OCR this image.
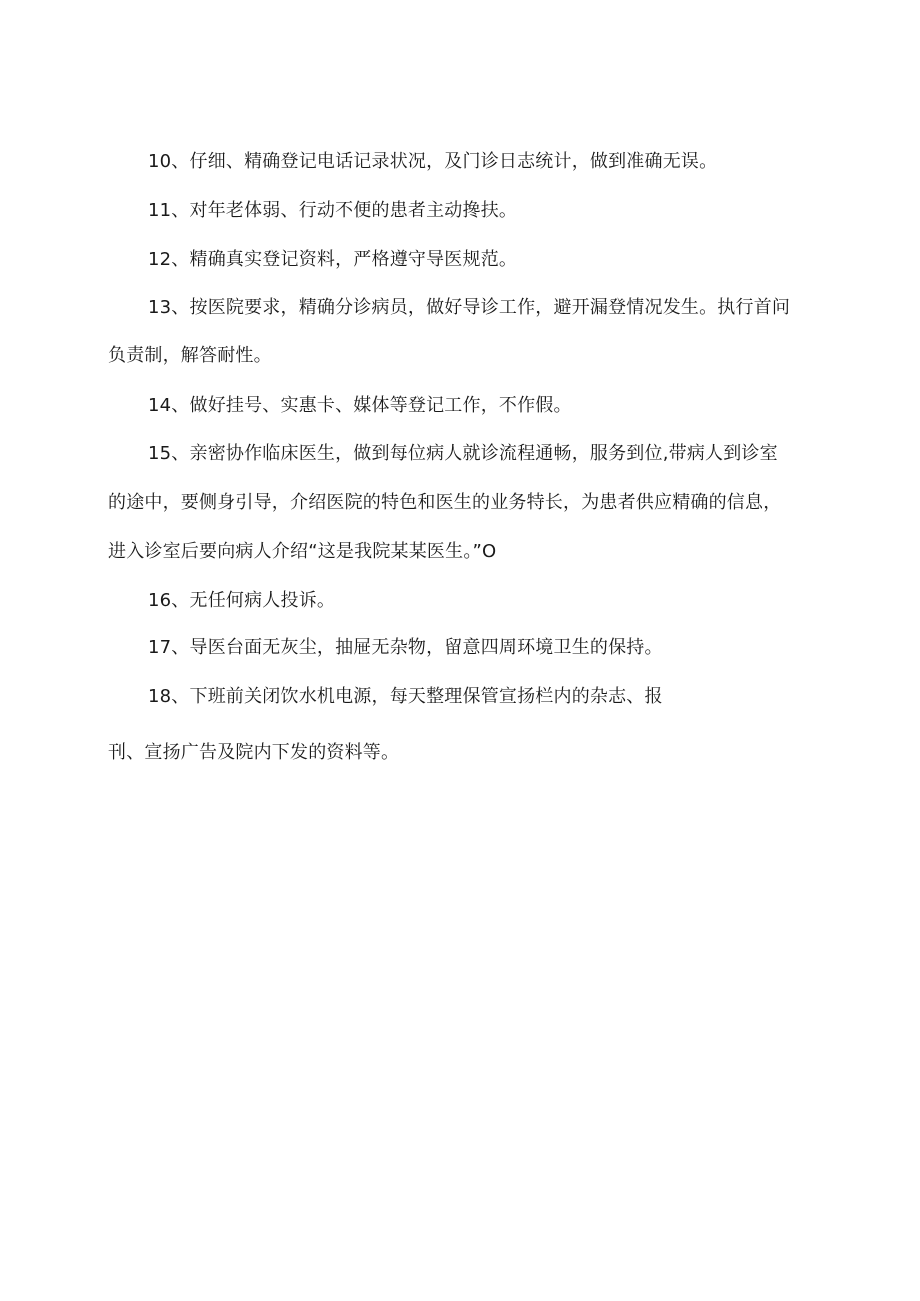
10、仔细、精确登记电话记录状况，及门诊日志统计，做到准确无误。
11、对年老体弱、行动不便的患者主动搀扶。
12、精确真实登记资料，严格遵守导医规范。
13、按医院要求，精确分诊病员，做好导诊工作，避开漏登情况发生。执行首问
负责制，解答耐性。
14、做好挂号、实惠卡、媒体等登记工作，不作假。
15、亲密协作临床医生，做到每位病人就诊流程通畅，服务到位,带病人到诊室
的途中，要侧身引导，介绍医院的特色和医生的业务特长，为患者供应精确的信息，
进入诊室后要向病人介绍“这是我院某某医生。”O
16、无任何病人投诉。
17、导医台面无灰尘，抽屉无杂物，留意四周环境卫生的保持。
18、下班前关闭饮水机电源，每天整理保管宣扬栏内的杂志、报
刊、宣扬广告及院内下发的资料等。
